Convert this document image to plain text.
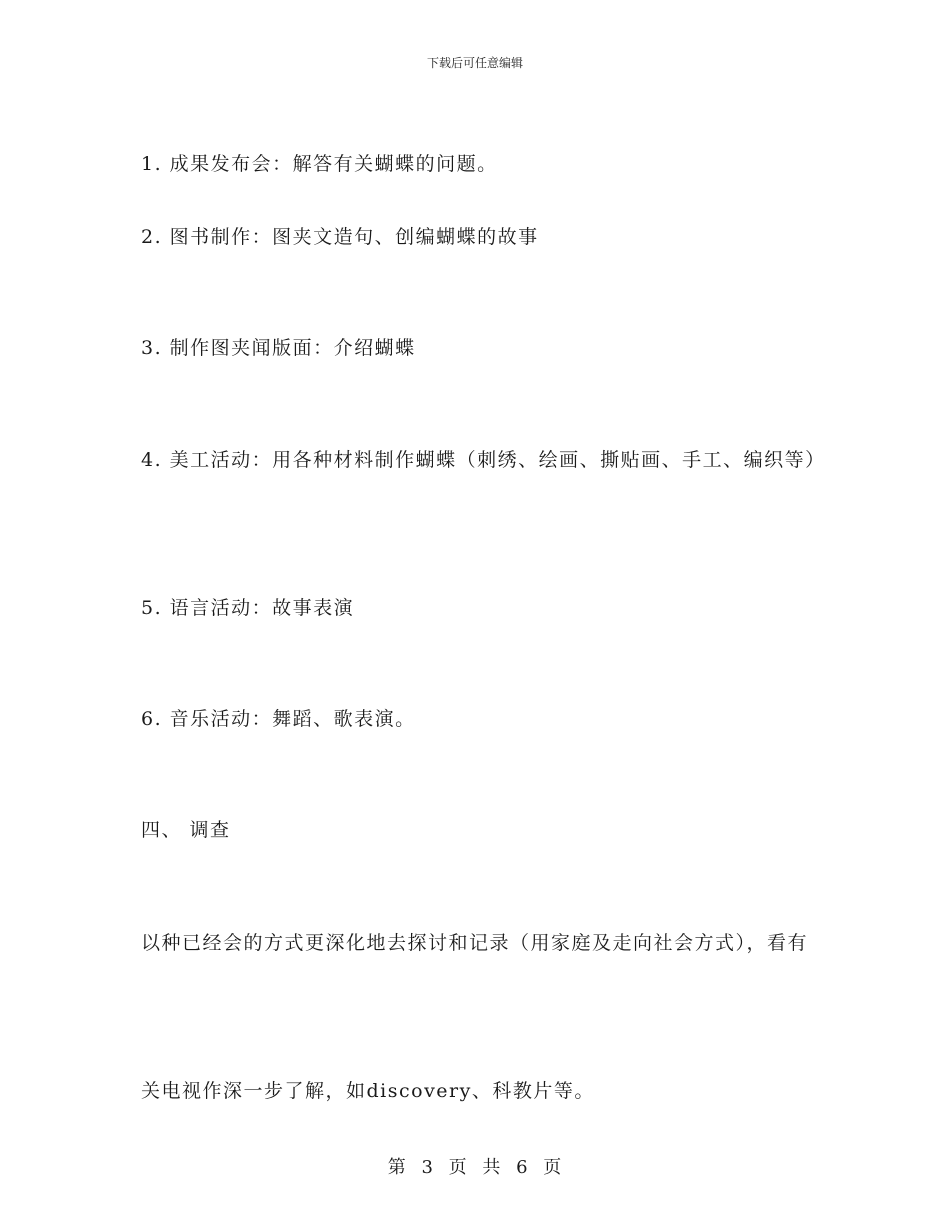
下载后可任意编辑
1. 成果发布会：解答有关蝴蝶的问题。
2. 图书制作：图夹文造句、创编蝴蝶的故事
3. 制作图夹闻版面：介绍蝴蝶
4. 美工活动：用各种材料制作蝴蝶（刺绣、绘画、撕贴画、手工、编织等）
5. 语言活动：故事表演
6. 音乐活动：舞蹈、歌表演。
四、 调查
以种已经会的方式更深化地去探讨和记录（用家庭及走向社会方式），看有
关电视作深一步了解，如discovery、科教片等。
第 3 页 共 6 页
